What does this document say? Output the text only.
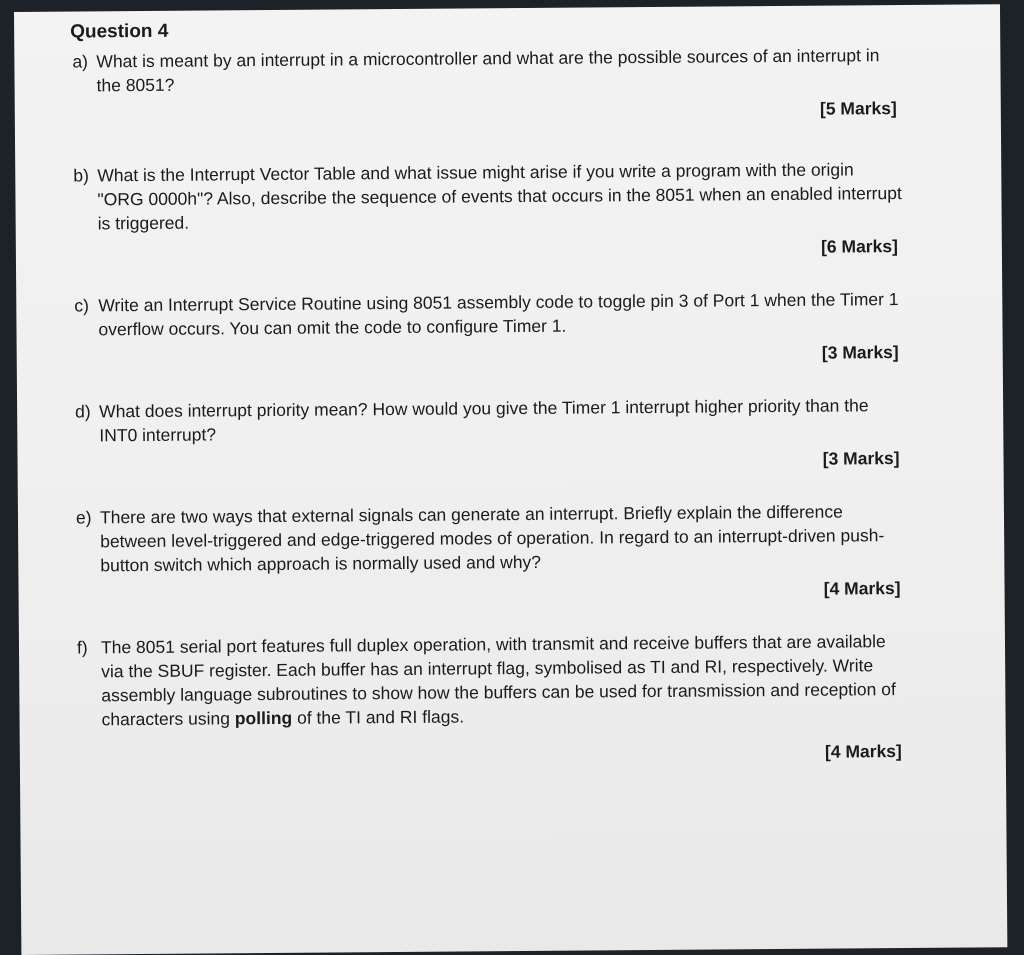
Question 4
a) What is meant by an interrupt in a microcontroller and what are the possible sources of an interrupt in the 8051?
[5 Marks]
b) What is the Interrupt Vector Table and what issue might arise if you write a program with the origin "ORG 0000h"? Also, describe the sequence of events that occurs in the 8051 when an enabled interrupt is triggered.
[6 Marks]
c) Write an Interrupt Service Routine using 8051 assembly code to toggle pin 3 of Port 1 when the Timer 1 overflow occurs. You can omit the code to configure Timer 1.
[3 Marks]
d) What does interrupt priority mean? How would you give the Timer 1 interrupt higher priority than the INT0 interrupt?
[3 Marks]
e) There are two ways that external signals can generate an interrupt. Briefly explain the difference between level-triggered and edge-triggered modes of operation. In regard to an interrupt-driven push-button switch which approach is normally used and why?
[4 Marks]
f) The 8051 serial port features full duplex operation, with transmit and receive buffers that are available via the SBUF register. Each buffer has an interrupt flag, symbolised as TI and RI, respectively. Write assembly language subroutines to show how the buffers can be used for transmission and reception of characters using polling of the TI and RI flags.
[4 Marks]
